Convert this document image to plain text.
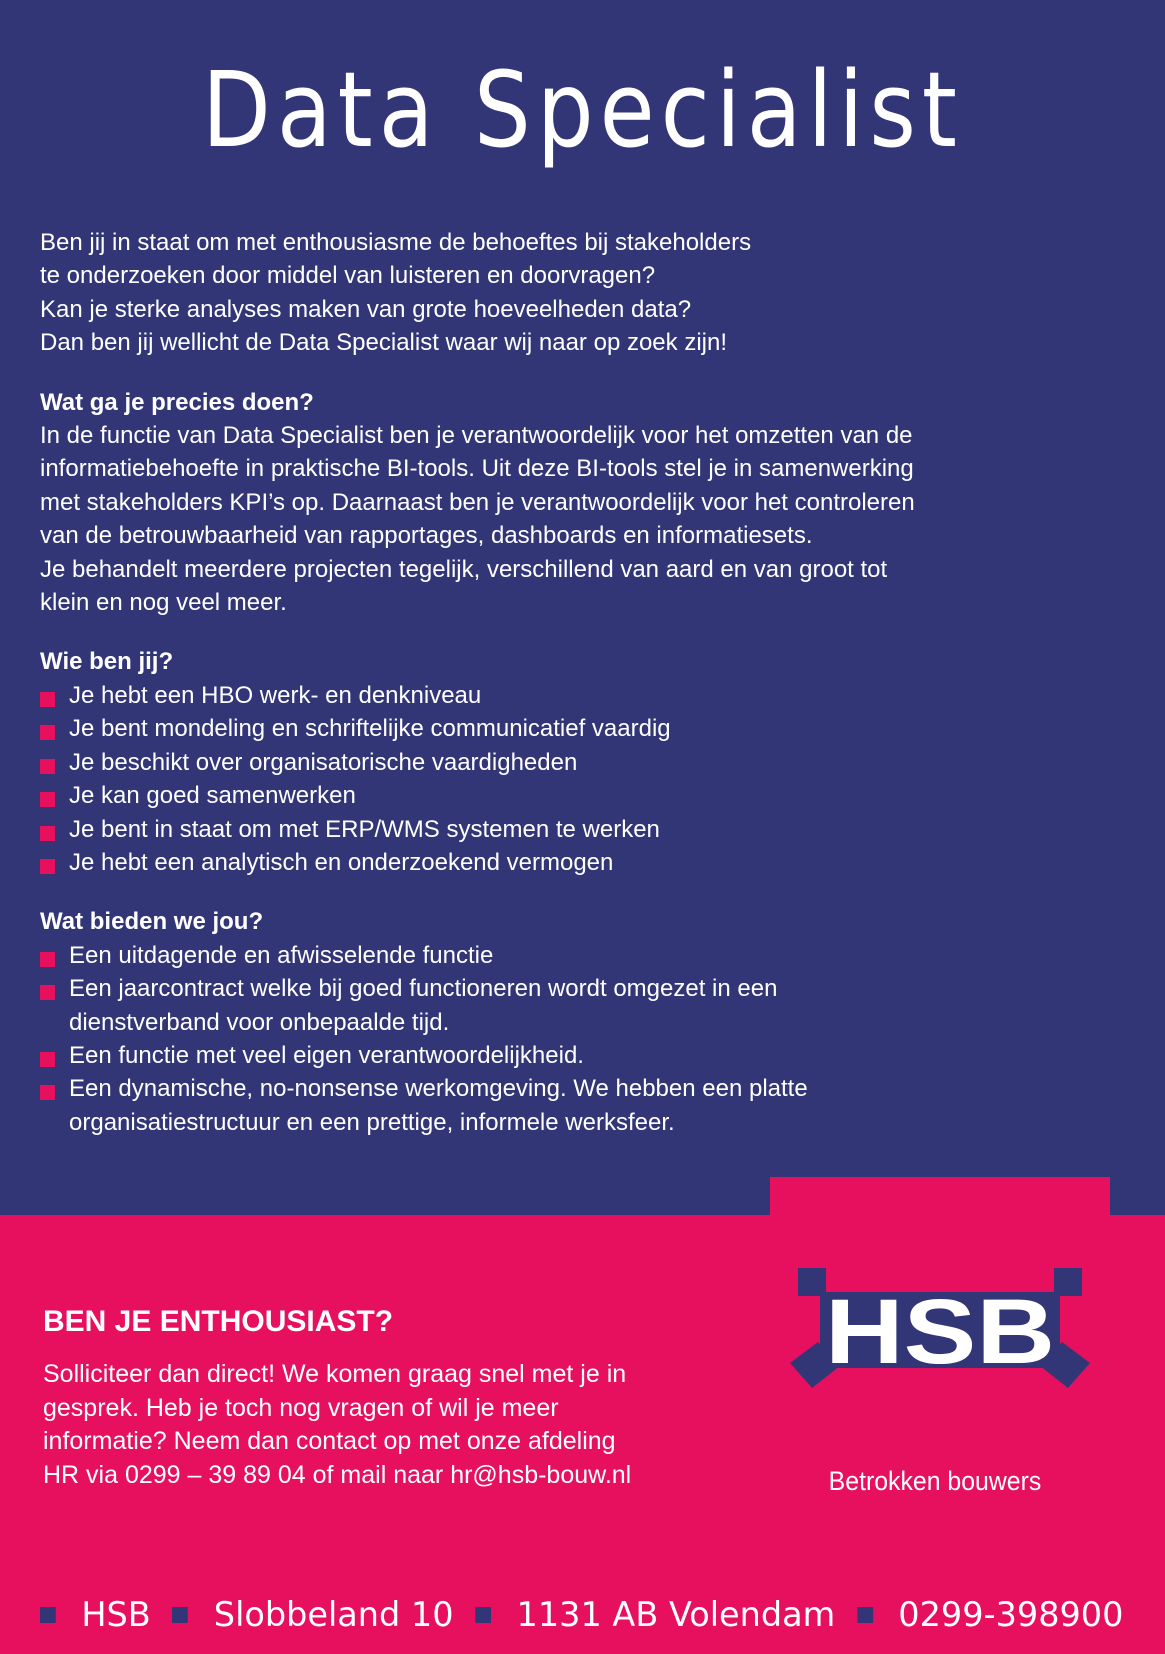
Data Specialist

Ben jij in staat om met enthousiasme de behoeftes bij stakeholders

te onderzoeken door middel van luisteren en doorvragen?

Kan je sterke analyses maken van grote hoeveelheden data?

Dan ben jij wellicht de Data Specialist waar wij naar op zoek zijn!

Wat ga je precies doen?

In de functie van Data Specialist ben je verantwoordelijk voor het omzetten van de

informatiebehoefte in praktische BI-tools. Uit deze BI-tools stel je in samenwerking

met stakeholders KPI’s op. Daarnaast ben je verantwoordelijk voor het controleren

van de betrouwbaarheid van rapportages, dashboards en informatiesets.

Je behandelt meerdere projecten tegelijk, verschillend van aard en van groot tot

klein en nog veel meer.

Wie ben jij?
Je hebt een HBO werk- en denkniveau
Je bent mondeling en schriftelijke communicatief vaardig
Je beschikt over organisatorische vaardigheden
Je kan goed samenwerken
Je bent in staat om met ERP/WMS systemen te werken
Je hebt een analytisch en onderzoekend vermogen
Wat bieden we jou?
Een uitdagende en afwisselende functie
Een jaarcontract welke bij goed functioneren wordt omgezet in een
dienstverband voor onbepaalde tijd.
Een functie met veel eigen verantwoordelijkheid.
Een dynamische, no-nonsense werkomgeving. We hebben een platte
organisatiestructuur en een prettige, informele werksfeer.
BEN JE ENTHOUSIAST?
Solliciteer dan direct! We komen graag snel met je in
gesprek. Heb je toch nog vragen of wil je meer
informatie? Neem dan contact op met onze afdeling
HR via 0299 – 39 89 04 of mail naar hr@hsb-bouw.nl
HSB
Betrokken bouwers
HSB Slobbeland 10 1131 AB Volendam 0299-398900
